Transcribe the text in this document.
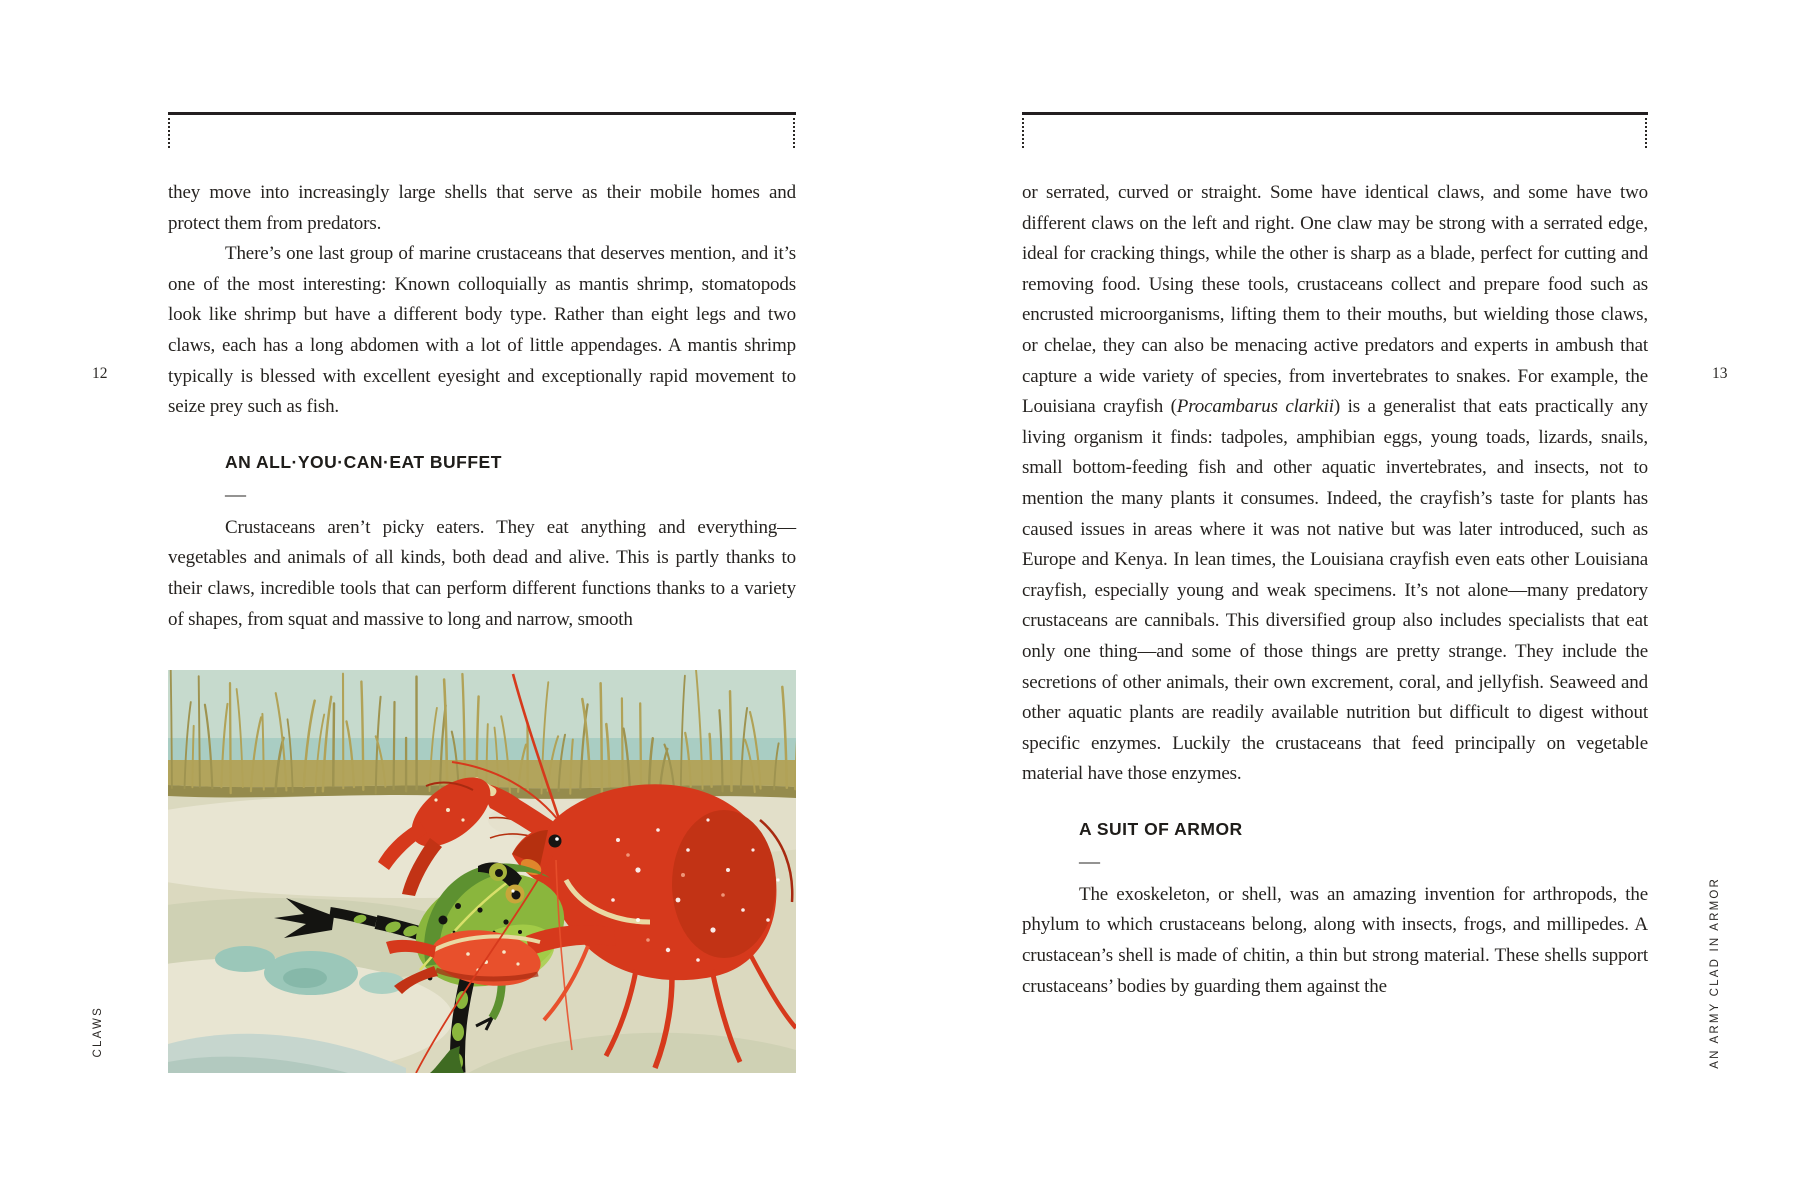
12
CLAWS
they move into increasingly large shells that serve as their mobile homes and protect them from predators.
There’s one last group of marine crustaceans that deserves mention, and it’s one of the most interesting: Known colloquially as mantis shrimp, stomatopods look like shrimp but have a different body type. Rather than eight legs and two claws, each has a long abdomen with a lot of little appendages. A mantis shrimp typically is blessed with excellent eyesight and exceptionally rapid movement to seize prey such as fish.
AN ALL·YOU·CAN·EAT BUFFET
—
Crustaceans aren’t picky eaters. They eat anything and everything—vegetables and animals of all kinds, both dead and alive. This is partly thanks to their claws, incredible tools that can perform different functions thanks to a variety of shapes, from squat and massive to long and narrow, smooth
13
AN ARMY CLAD IN ARMOR
or serrated, curved or straight. Some have identical claws, and some have two different claws on the left and right. One claw may be strong with a serrated edge, ideal for cracking things, while the other is sharp as a blade, perfect for cutting and removing food. Using these tools, crustaceans collect and prepare food such as encrusted microorganisms, lifting them to their mouths, but wielding those claws, or chelae, they can also be menacing active predators and experts in ambush that capture a wide variety of species, from invertebrates to snakes. For example, the Louisiana crayfish (Procambarus clarkii) is a generalist that eats practically any living organism it finds: tadpoles, amphibian eggs, young toads, lizards, snails, small bottom-feeding fish and other aquatic invertebrates, and insects, not to mention the many plants it consumes. Indeed, the crayfish’s taste for plants has caused issues in areas where it was not native but was later introduced, such as Europe and Kenya. In lean times, the Louisiana crayfish even eats other Louisiana crayfish, especially young and weak specimens. It’s not alone—many predatory crustaceans are cannibals. This diversified group also includes specialists that eat only one thing—and some of those things are pretty strange. They include the secretions of other animals, their own excrement, coral, and jellyfish. Seaweed and other aquatic plants are readily available nutrition but difficult to digest without specific enzymes. Luckily the crustaceans that feed principally on vegetable material have those enzymes.
A SUIT OF ARMOR
—
The exoskeleton, or shell, was an amazing invention for arthropods, the phylum to which crustaceans belong, along with insects, frogs, and millipedes. A crustacean’s shell is made of chitin, a thin but strong material. These shells support crustaceans’ bodies by guarding them against the
